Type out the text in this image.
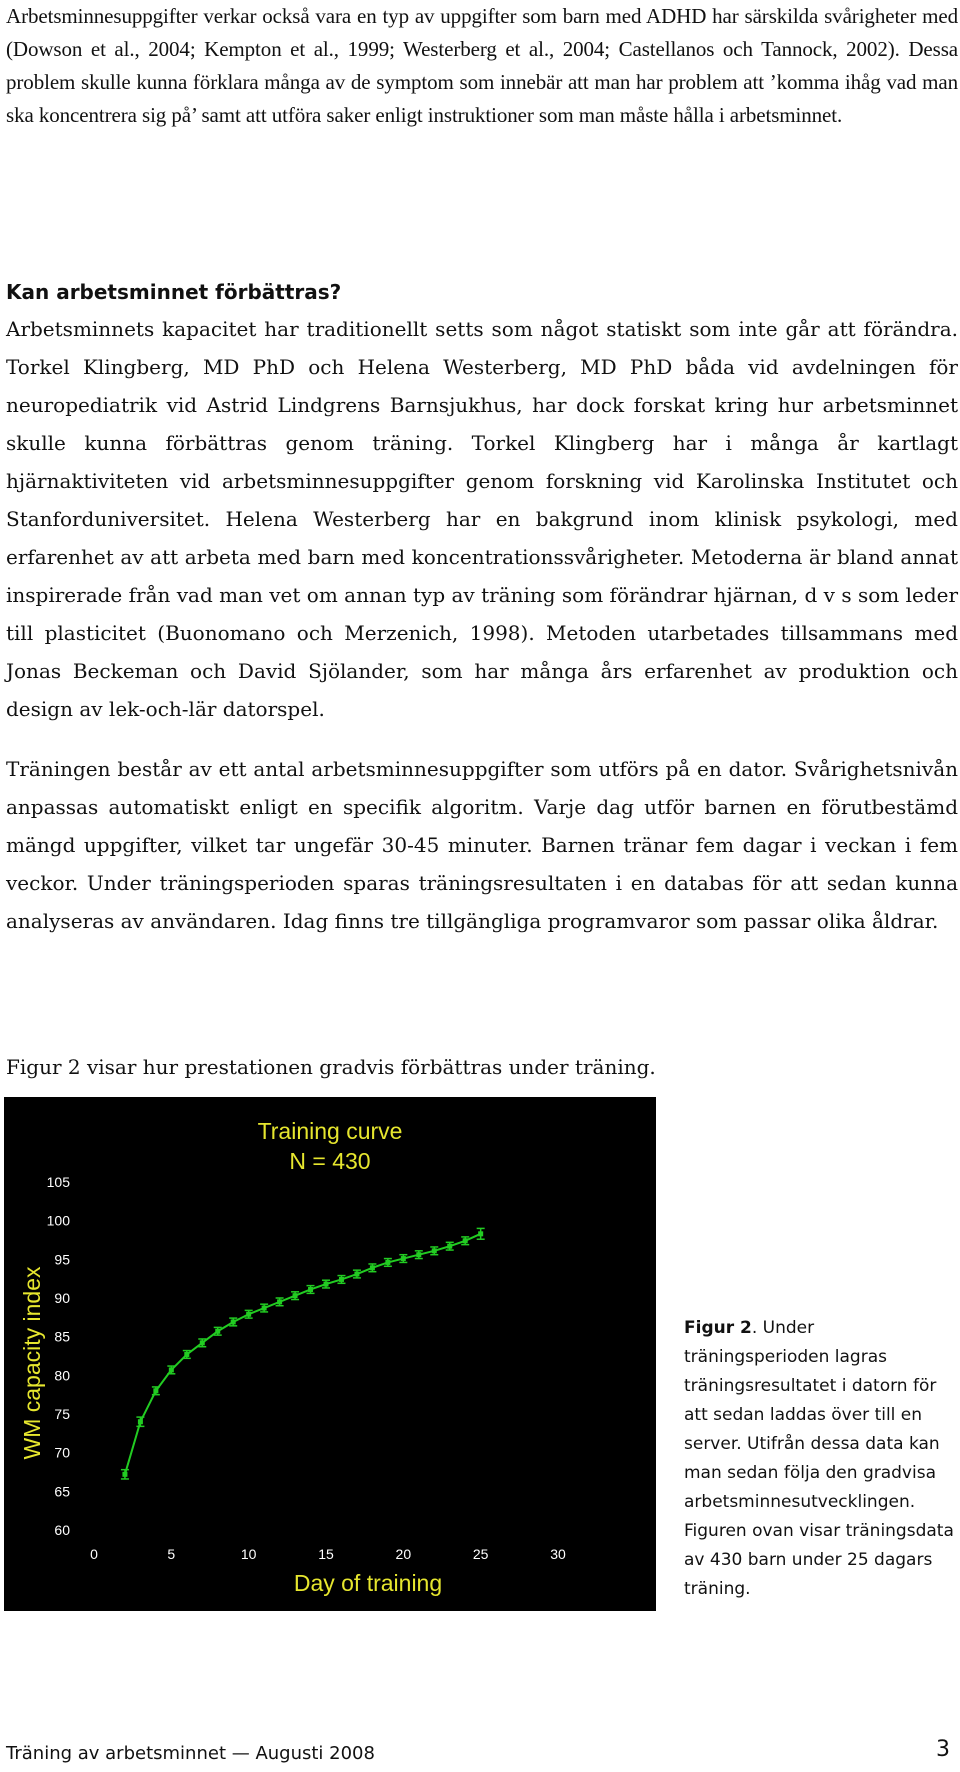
Arbetsminnesuppgifter verkar också vara en typ av uppgifter som barn med ADHD har särskilda svårigheter med (Dowson et al., 2004; Kempton et al., 1999; Westerberg et al., 2004; Castellanos och Tannock, 2002). Dessa problem skulle kunna förklara många av de symptom som innebär att man har problem att ’komma ihåg vad man ska koncentrera sig på’ samt att utföra saker enligt instruktioner som man måste hålla i arbetsminnet.

Kan arbetsminnet förbättras?

Arbetsminnets kapacitet har traditionellt setts som något statiskt som inte går att förändra. Torkel Klingberg, MD PhD och Helena Westerberg, MD PhD båda vid avdelningen för neuropediatrik vid Astrid Lindgrens Barnsjukhus, har dock forskat kring hur arbetsminnet skulle kunna förbättras genom träning. Torkel Klingberg har i många år kartlagt hjärnaktiviteten vid arbetsminnesuppgifter genom forskning vid Karolinska Institutet och Stanforduniversitet. Helena Westerberg har en bakgrund inom klinisk psykologi, med erfarenhet av att arbeta med barn med koncentrationssvårigheter. Metoderna är bland annat inspirerade från vad man vet om annan typ av träning som förändrar hjärnan, d v s som leder till plasticitet (Buonomano och Merzenich, 1998). Metoden utarbetades tillsammans med Jonas Beckeman och David Sjölander, som har många års erfarenhet av produktion och design av lek-och-lär datorspel.

Träningen består av ett antal arbetsminnesuppgifter som utförs på en dator. Svårighetsnivån anpassas automatiskt enligt en specifik algoritm. Varje dag utför barnen en förutbestämd mängd uppgifter, vilket tar ungefär 30-45 minuter. Barnen tränar fem dagar i veckan i fem veckor. Under träningsperioden sparas träningsresultaten i en databas för att sedan kunna analyseras av användaren. Idag finns tre tillgängliga programvaror som passar olika åldrar.

Figur 2 visar hur prestationen gradvis förbättras under träning.

Training curve
N = 430
WM capacity index
Day of training
60
65
70
75
80
85
90
95
100
105
0	5	10	15	20	25	30

Figur 2. Under träningsperioden lagras träningsresultatet i datorn för att sedan laddas över till en server. Utifrån dessa data kan man sedan följa den gradvisa arbetsminnesutvecklingen. Figuren ovan visar träningsdata av 430 barn under 25 dagars träning.

Träning av arbetsminnet — Augusti 2008	3
